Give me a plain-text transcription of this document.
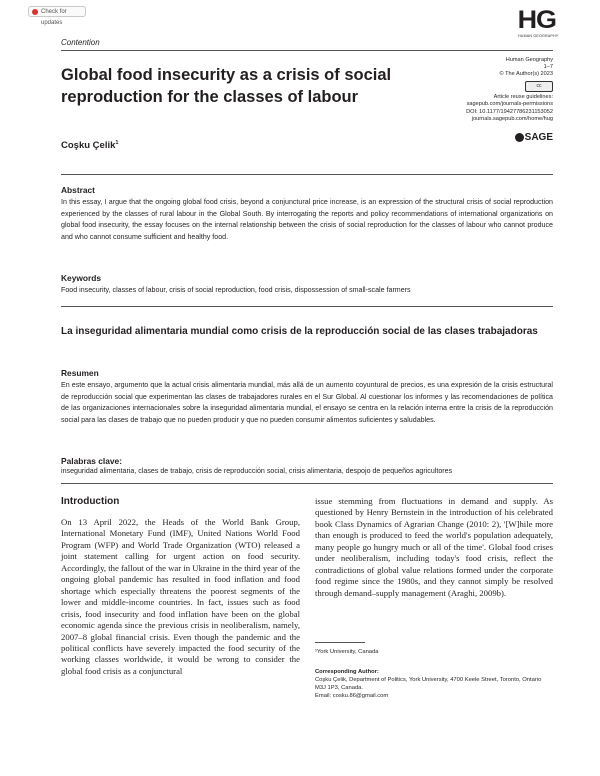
Check for updates
Contention
HG
HUMAN GEOGRAPHY
Global food insecurity as a crisis of social reproduction for the classes of labour
Human Geography
1–7
© The Author(s) 2023
cc
Article reuse guidelines:
sagepub.com/journals-permissions
DOI: 10.1177/19427786231153052
journals.sagepub.com/home/hug
SAGE
Coşku Çelik$^1$
Abstract
In this essay, I argue that the ongoing global food crisis, beyond a conjunctural price increase, is an expression of the structural crisis of social reproduction experienced by the classes of rural labour in the Global South. By interrogating the reports and policy recommendations of international organizations on global food insecurity, the essay focuses on the internal relationship between the crisis of social reproduction for the classes of labour who cannot produce and who cannot consume sufficient and healthy food.
Keywords
Food insecurity, classes of labour, crisis of social reproduction, food crisis, dispossession of small-scale farmers
La inseguridad alimentaria mundial como crisis de la reproducción social de las clases trabajadoras
Resumen
En este ensayo, argumento que la actual crisis alimentaria mundial, más allá de un aumento coyuntural de precios, es una expresión de la crisis estructural de reproducción social que experimentan las clases de trabajadores rurales en el Sur Global. Al cuestionar los informes y las recomendaciones de política de las organizaciones internacionales sobre la inseguridad alimentaria mundial, el ensayo se centra en la relación interna entre la crisis de la reproducción social para las clases de trabajo que no pueden producir y que no pueden consumir alimentos suficientes y saludables.
Palabras clave:
inseguridad alimentaria, clases de trabajo, crisis de reproducción social, crisis alimentaria, despojo de pequeños agricultores
Introduction
On 13 April 2022, the Heads of the World Bank Group, International Monetary Fund (IMF), United Nations World Food Program (WFP) and World Trade Organization (WTO) released a joint statement calling for urgent action on food security. Accordingly, the fallout of the war in Ukraine in the third year of the ongoing global pandemic has resulted in food inflation and food shortage which especially threatens the poorest segments of the lower and middle-income countries. In fact, issues such as food crisis, food insecurity and food inflation have been on the global economic agenda since the previous crisis in neoliberalism, namely, 2007–8 global financial crisis. Even though the pandemic and the political conflicts have severely impacted the food security of the working classes worldwide, it would be wrong to consider the global food crisis as a conjunctural
issue stemming from fluctuations in demand and supply. As questioned by Henry Bernstein in the introduction of his celebrated book Class Dynamics of Agrarian Change (2010: 2), '[W]hile more than enough is produced to feed the world's population adequately, many people go hungry much or all of the time'. Global food crises under neoliberalism, including today's food crisis, reflect the contradictions of global value relations formed under the corporate food regime since the 1980s, and they cannot simply be resolved through demand–supply management (Araghi, 2009b).
¹York University, Canada
Corresponding Author:
Coşku Çelik, Department of Politics, York University, 4700 Keele Street, Toronto, Ontario M3J 1P3, Canada.
Email: cosku.86@gmail.com
